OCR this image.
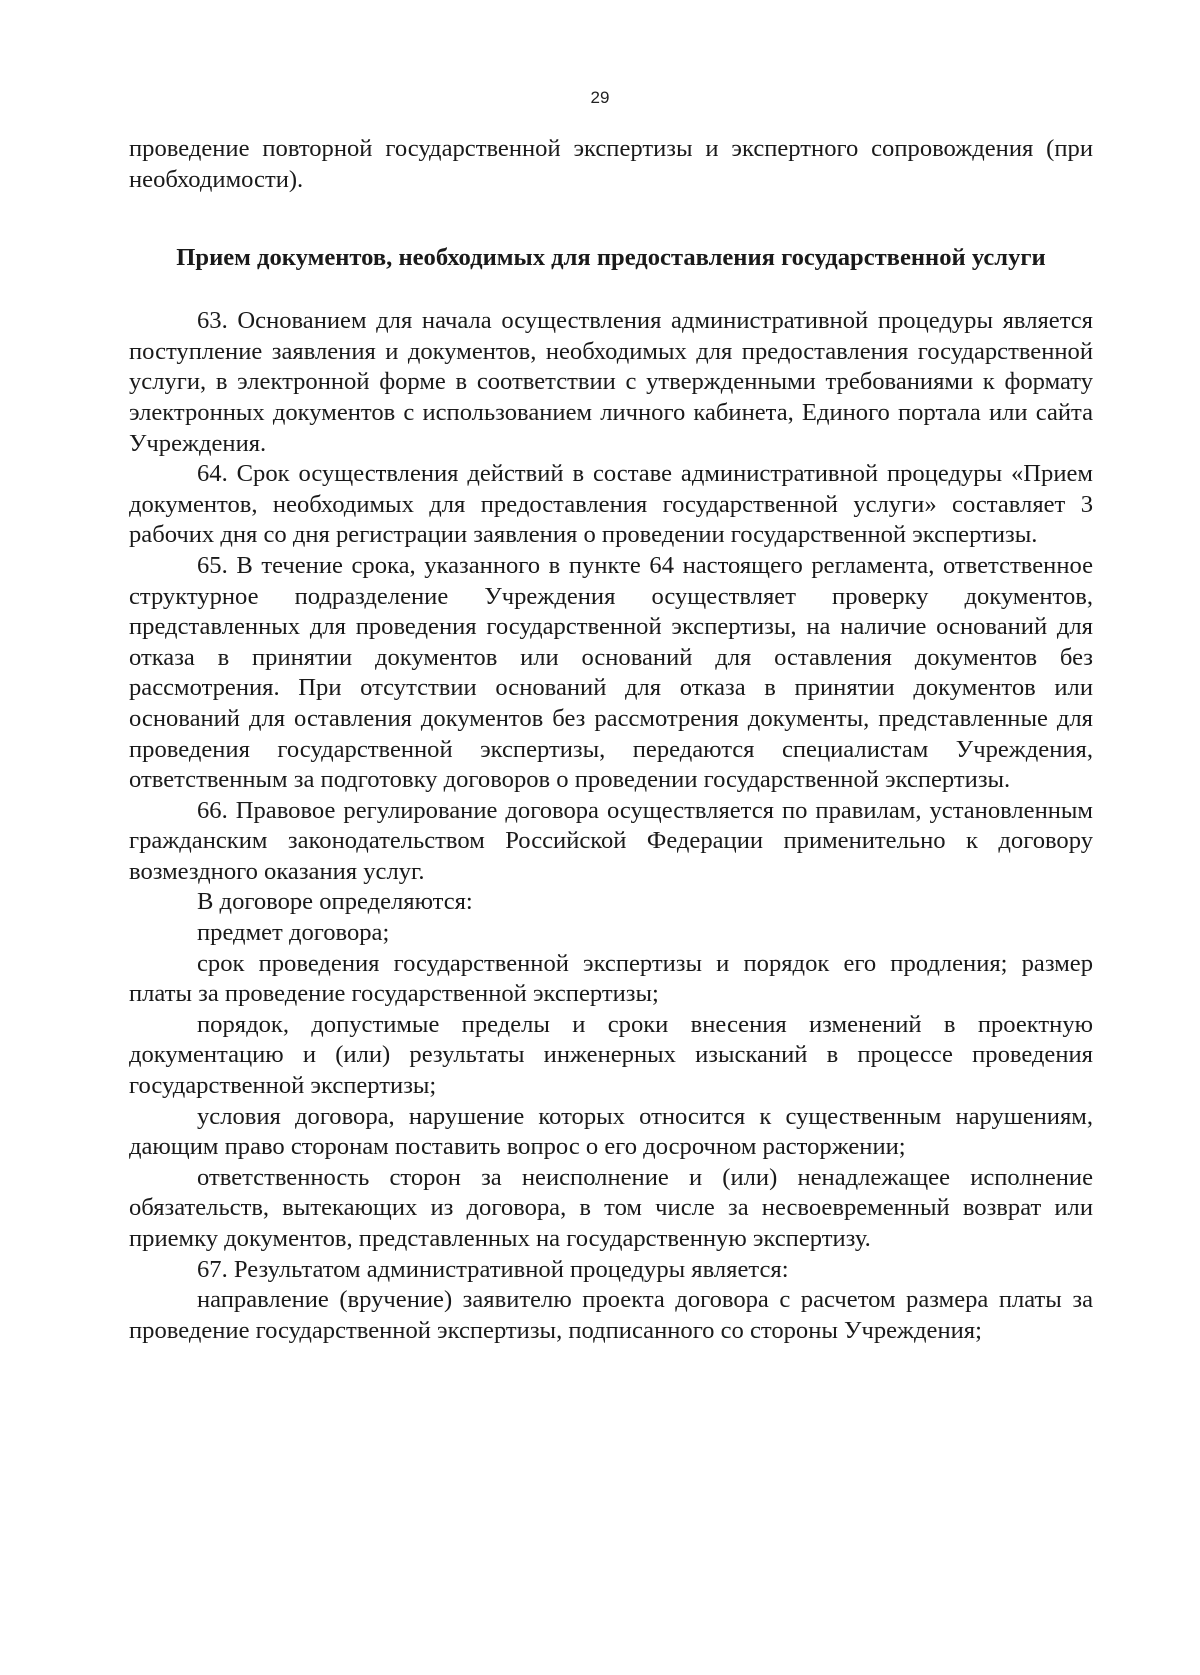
29

проведение повторной государственной экспертизы и экспертного сопровождения (при необходимости).

Прием документов, необходимых для предоставления государственной услуги

63. Основанием для начала осуществления административной процедуры является поступление заявления и документов, необходимых для предоставления государственной услуги, в электронной форме в соответствии с утвержденными требованиями к формату электронных документов с использованием личного кабинета, Единого портала или сайта Учреждения.

64. Срок осуществления действий в составе административной процедуры «Прием документов, необходимых для предоставления государственной услуги» составляет 3 рабочих дня со дня регистрации заявления о проведении государственной экспертизы.

65. В течение срока, указанного в пункте 64 настоящего регламента, ответственное структурное подразделение Учреждения осуществляет проверку документов, представленных для проведения государственной экспертизы, на наличие оснований для отказа в принятии документов или оснований для оставления документов без рассмотрения. При отсутствии оснований для отказа в принятии документов или оснований для оставления документов без рассмотрения документы, представленные для проведения государственной экспертизы, передаются специалистам Учреждения, ответственным за подготовку договоров о проведении государственной экспертизы.

66. Правовое регулирование договора осуществляется по правилам, установленным гражданским законодательством Российской Федерации применительно к договору возмездного оказания услуг.

В договоре определяются:

предмет договора;

срок проведения государственной экспертизы и порядок его продления; размер платы за проведение государственной экспертизы;

порядок, допустимые пределы и сроки внесения изменений в проектную документацию и (или) результаты инженерных изысканий в процессе проведения государственной экспертизы;

условия договора, нарушение которых относится к существенным нарушениям, дающим право сторонам поставить вопрос о его досрочном расторжении;

ответственность сторон за неисполнение и (или) ненадлежащее исполнение обязательств, вытекающих из договора, в том числе за несвоевременный возврат или приемку документов, представленных на государственную экспертизу.

67. Результатом административной процедуры является:

направление (вручение) заявителю проекта договора с расчетом размера платы за проведение государственной экспертизы, подписанного со стороны Учреждения;
